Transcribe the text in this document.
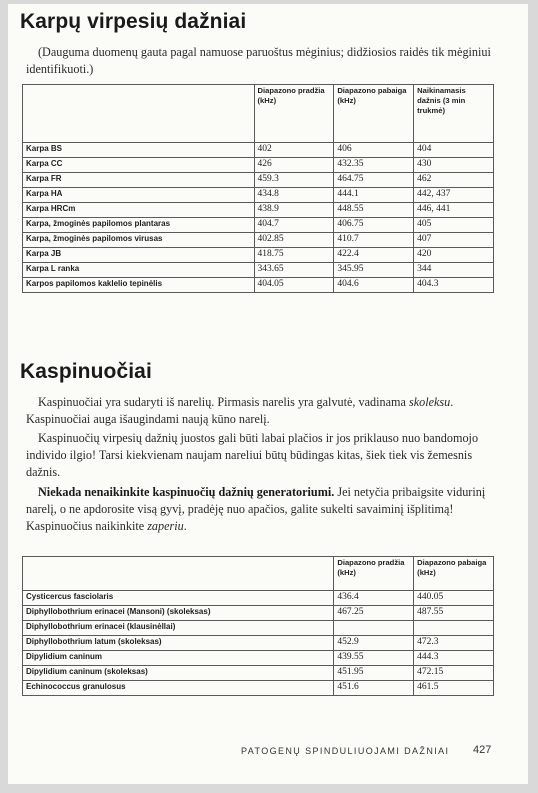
Karpų virpesių dažniai

(Dauguma duomenų gauta pagal namuose paruoštus mėginius; didžiosios raidės tik mėginiui identifikuoti.)

	Diapazono pradžia (kHz)	Diapazono pabaiga (kHz)	Naikinamasis dažnis (3 min trukmė)
Karpa BS	402	406	404
Karpa CC	426	432.35	430
Karpa FR	459.3	464.75	462
Karpa HA	434.8	444.1	442, 437
Karpa HRCm	438.9	448.55	446, 441
Karpa, žmoginės papilomos plantaras	404.7	406.75	405
Karpa, žmoginės papilomos virusas	402.85	410.7	407
Karpa JB	418.75	422.4	420
Karpa L ranka	343.65	345.95	344
Karpos papilomos kaklelio tepinėlis	404.05	404.6	404.3
Kaspinuočiai

Kaspinuočiai yra sudaryti iš narelių. Pirmasis narelis yra galvutė, vadinama skoleksu. Kaspinuočiai auga išaugindami naują kūno narelį.

Kaspinuočių virpesių dažnių juostos gali būti labai plačios ir jos priklauso nuo bandomojo individo ilgio! Tarsi kiekvienam naujam nareliui būtų būdingas kitas, šiek tiek vis žemesnis dažnis.

Niekada nenaikinkite kaspinuočių dažnių generatoriumi. Jei netyčia pribaigsite vidurinį narelį, o ne apdorosite visą gyvį, pradėję nuo apačios, galite sukelti savaiminį išplitimą! Kaspinuočius naikinkite zaperiu.

	Diapazono pradžia (kHz)	Diapazono pabaiga (kHz)
Cysticercus fasciolaris	436.4	440.05
Diphyllobothrium erinacei (Mansoni) (skoleksas)	467.25	487.55
Diphyllobothrium erinacei (klausinėllai)		
Diphyllobothrium latum (skoleksas)	452.9	472.3
Dipylidium caninum	439.55	444.3
Dipylidium caninum (skoleksas)	451.95	472.15
Echinococcus granulosus	451.6	461.5
PATOGENŲ SPINDULIUOJAMI DAŽNIAI 427
